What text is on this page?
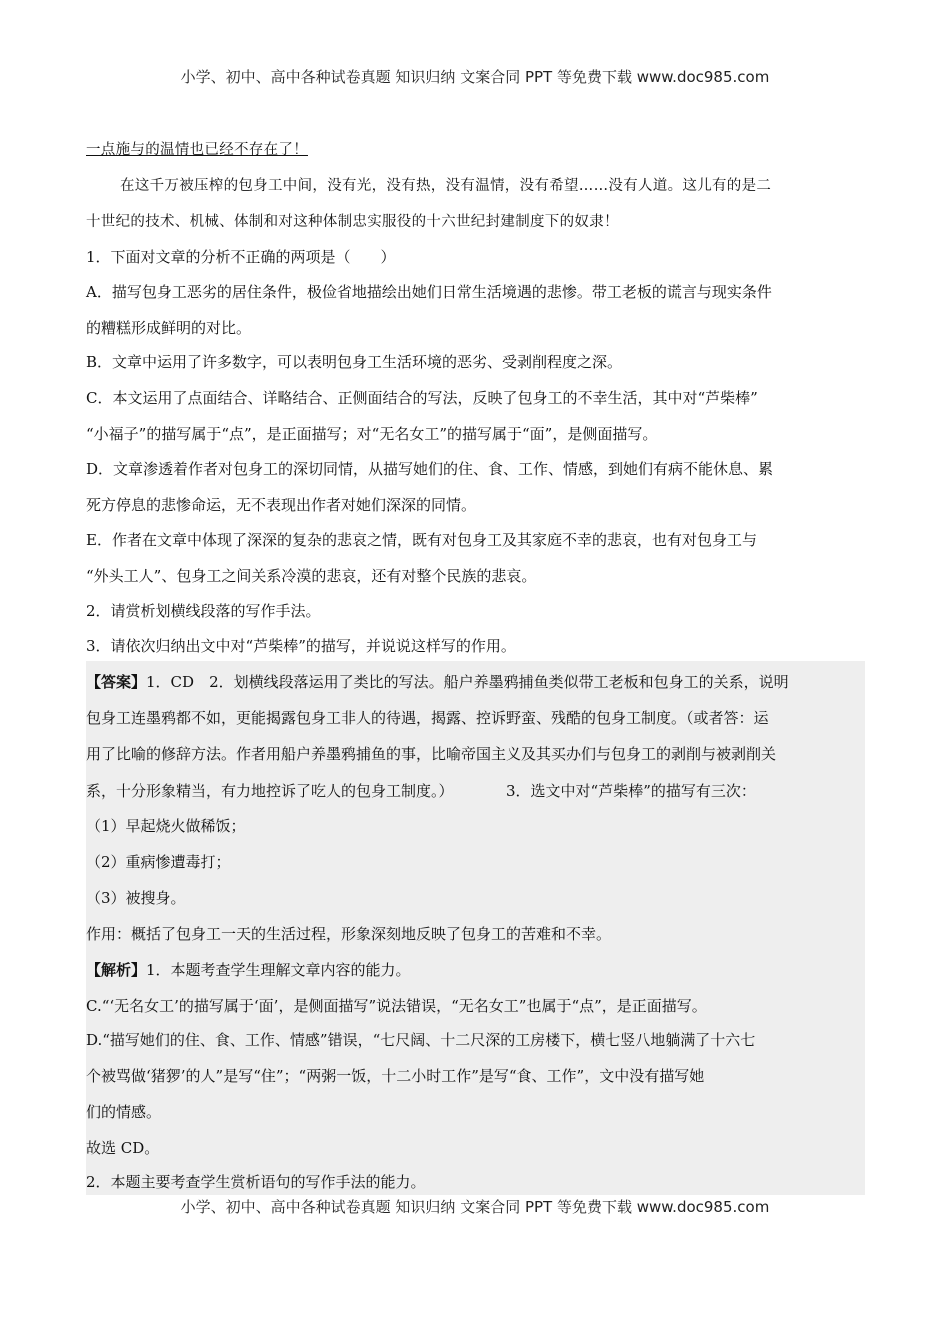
小学、初中、高中各种试卷真题 知识归纳 文案合同 PPT 等免费下载 www.doc985.com
一点施与的温情也已经不存在了！
在这千万被压榨的包身工中间，没有光，没有热，没有温情，没有希望……没有人道。这儿有的是二
十世纪的技术、机械、体制和对这种体制忠实服役的十六世纪封建制度下的奴隶！
1．下面对文章的分析不正确的两项是（　　）
A．描写包身工恶劣的居住条件，极俭省地描绘出她们日常生活境遇的悲惨。带工老板的谎言与现实条件
的糟糕形成鲜明的对比。
B．文章中运用了许多数字，可以表明包身工生活环境的恶劣、受剥削程度之深。
C．本文运用了点面结合、详略结合、正侧面结合的写法，反映了包身工的不幸生活，其中对“芦柴棒”
“小福子”的描写属于“点”，是正面描写；对“无名女工”的描写属于“面”，是侧面描写。
D．文章渗透着作者对包身工的深切同情，从描写她们的住、食、工作、情感，到她们有病不能休息、累
死方停息的悲惨命运，无不表现出作者对她们深深的同情。
E．作者在文章中体现了深深的复杂的悲哀之情，既有对包身工及其家庭不幸的悲哀，也有对包身工与
“外头工人”、包身工之间关系冷漠的悲哀，还有对整个民族的悲哀。
2．请赏析划横线段落的写作手法。
3．请依次归纳出文中对“芦柴棒”的描写，并说说这样写的作用。
【答案】1．CD　2．划横线段落运用了类比的写法。船户养墨鸦捕鱼类似带工老板和包身工的关系，说明
包身工连墨鸦都不如，更能揭露包身工非人的待遇，揭露、控诉野蛮、残酷的包身工制度。（或者答：运
用了比喻的修辞方法。作者用船户养墨鸦捕鱼的事，比喻帝国主义及其买办们与包身工的剥削与被剥削关
系，十分形象精当，有力地控诉了吃人的包身工制度。）　　　　3．选文中对“芦柴棒”的描写有三次：
（1）早起烧火做稀饭；
（2）重病惨遭毒打；
（3）被搜身。
作用：概括了包身工一天的生活过程，形象深刻地反映了包身工的苦难和不幸。
【解析】1．本题考查学生理解文章内容的能力。
C.“‘无名女工’的描写属于‘面’，是侧面描写”说法错误，“无名女工”也属于“点”，是正面描写。
D.“描写她们的住、食、工作、情感”错误，“七尺阔、十二尺深的工房楼下，横七竖八地躺满了十六七
个被骂做‘猪猡’的人”是写“住”；“两粥一饭，十二小时工作”是写“食、工作”，文中没有描写她
们的情感。
故选 CD。
2．本题主要考查学生赏析语句的写作手法的能力。
小学、初中、高中各种试卷真题 知识归纳 文案合同 PPT 等免费下载 www.doc985.com
